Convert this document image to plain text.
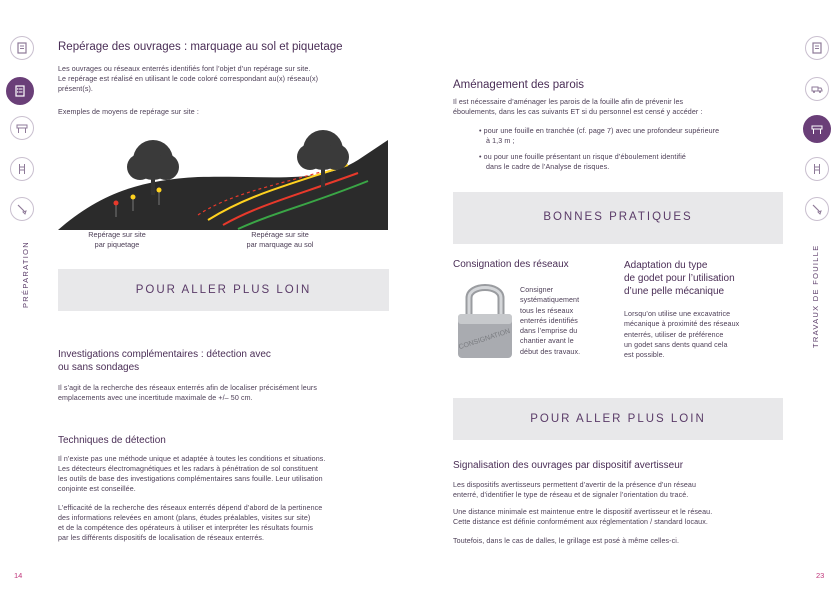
PRÉPARATION	TRAVAUX DE FOUILLE
Repérage des ouvrages : marquage au sol et piquetage
Les ouvrages ou réseaux enterrés identifiés font l’objet d’un repérage sur site.
Le repérage est réalisé en utilisant le code coloré correspondant au(x) réseau(x)
présent(s).
Exemples de moyens de repérage sur site :
Repérage sur site
par piquetage
Repérage sur site
par marquage au sol
POUR ALLER PLUS LOIN
Investigations complémentaires : détection avec
ou sans sondages
Il s’agit de la recherche des réseaux enterrés afin de localiser précisément leurs
emplacements avec une incertitude maximale de +/– 50 cm.
Techniques de détection
Il n’existe pas une méthode unique et adaptée à toutes les conditions et situations.
Les détecteurs électromagnétiques et les radars à pénétration de sol constituent
les outils de base des investigations complémentaires sans fouille. Leur utilisation
conjointe est conseillée.
L’efficacité de la recherche des réseaux enterrés dépend d’abord de la pertinence
des informations relevées en amont (plans, études préalables, visites sur site)
et de la compétence des opérateurs à utiliser et interpréter les résultats fournis
par les différents dispositifs de localisation de réseaux enterrés.
14
Aménagement des parois
Il est nécessaire d’aménager les parois de la fouille afin de prévenir les
éboulements, dans les cas suivants ET si du personnel est censé y accéder :
• pour une fouille en tranchée (cf. page 7) avec une profondeur supérieure
à 1,3 m ;
• ou pour une fouille présentant un risque d’éboulement identifié
dans le cadre de l’Analyse de risques.
BONNES PRATIQUES
Consignation des réseaux
CONSIGNATION
Consigner
systématiquement
tous les réseaux
enterrés identifiés
dans l’emprise du
chantier avant le
début des travaux.
Adaptation du type
de godet pour l’utilisation
d’une pelle mécanique
Lorsqu’on utilise une excavatrice
mécanique à proximité des réseaux
enterrés, utiliser de préférence
un godet sans dents quand cela
est possible.
POUR ALLER PLUS LOIN
Signalisation des ouvrages par dispositif avertisseur
Les dispositifs avertisseurs permettent d’avertir de la présence d’un réseau
enterré, d’identifier le type de réseau et de signaler l’orientation du tracé.
Une distance minimale est maintenue entre le dispositif avertisseur et le réseau.
Cette distance est définie conformément aux réglementation / standard locaux.
Toutefois, dans le cas de dalles, le grillage est posé à même celles-ci.
23
